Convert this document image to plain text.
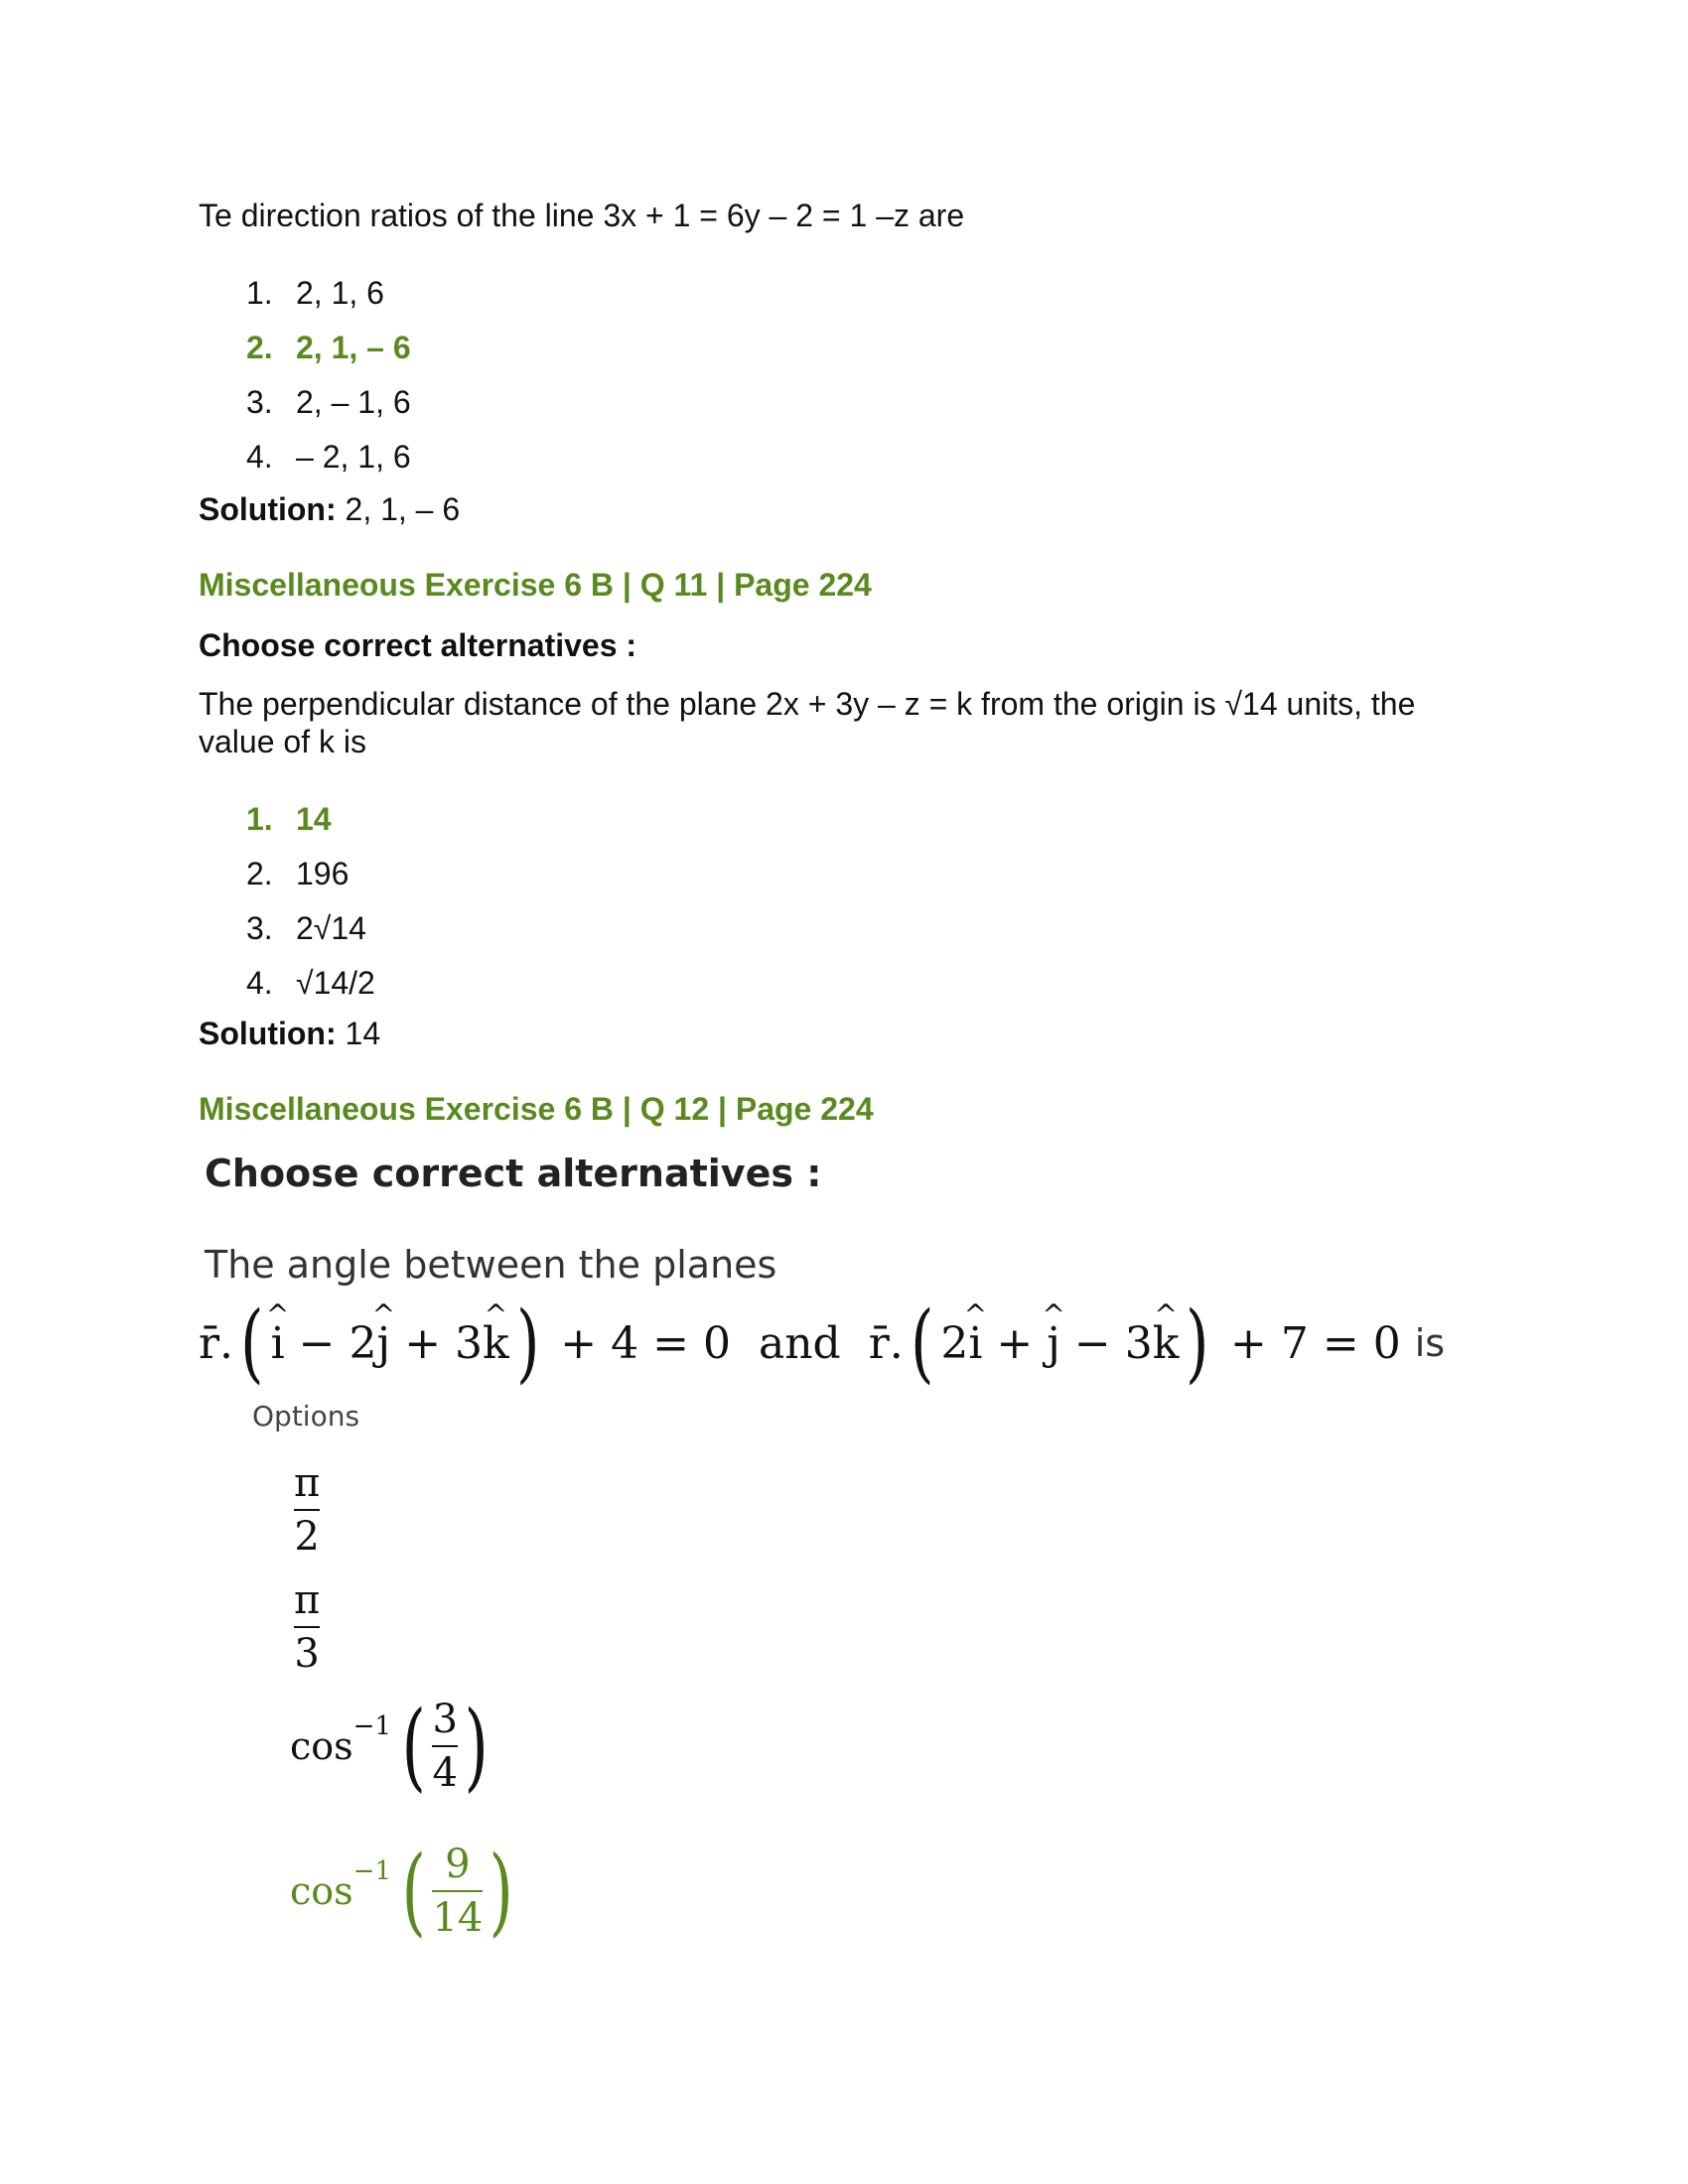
Te direction ratios of the line 3x + 1 = 6y – 2 = 1 –z are
1. 2, 1, 6
2. 2, 1, – 6
3. 2, – 1, 6
4. – 2, 1, 6
Solution: 2, 1, – 6
Miscellaneous Exercise 6 B | Q 11 | Page 224
Choose correct alternatives :
The perpendicular distance of the plane 2x + 3y – z = k from the origin is √14 units, the value of k is
1. 14
2. 196
3. 2√14
4. √14/2
Solution: 14
Miscellaneous Exercise 6 B | Q 12 | Page 224
Choose correct alternatives :
The angle between the planes
r̄. ( ^ i − 2 ^ j + 3 ^ k ) + 4 = 0 and r̄. ( 2 ^ i + ^ j − 3 ^ k ) + 7 = 0 is
Options
$\frac{\pi}{2}$
$\frac{\pi}{3}$
cos −1 ( $\frac{3}{4}$ )
cos −1 ( $\frac{9}{14}$ )
